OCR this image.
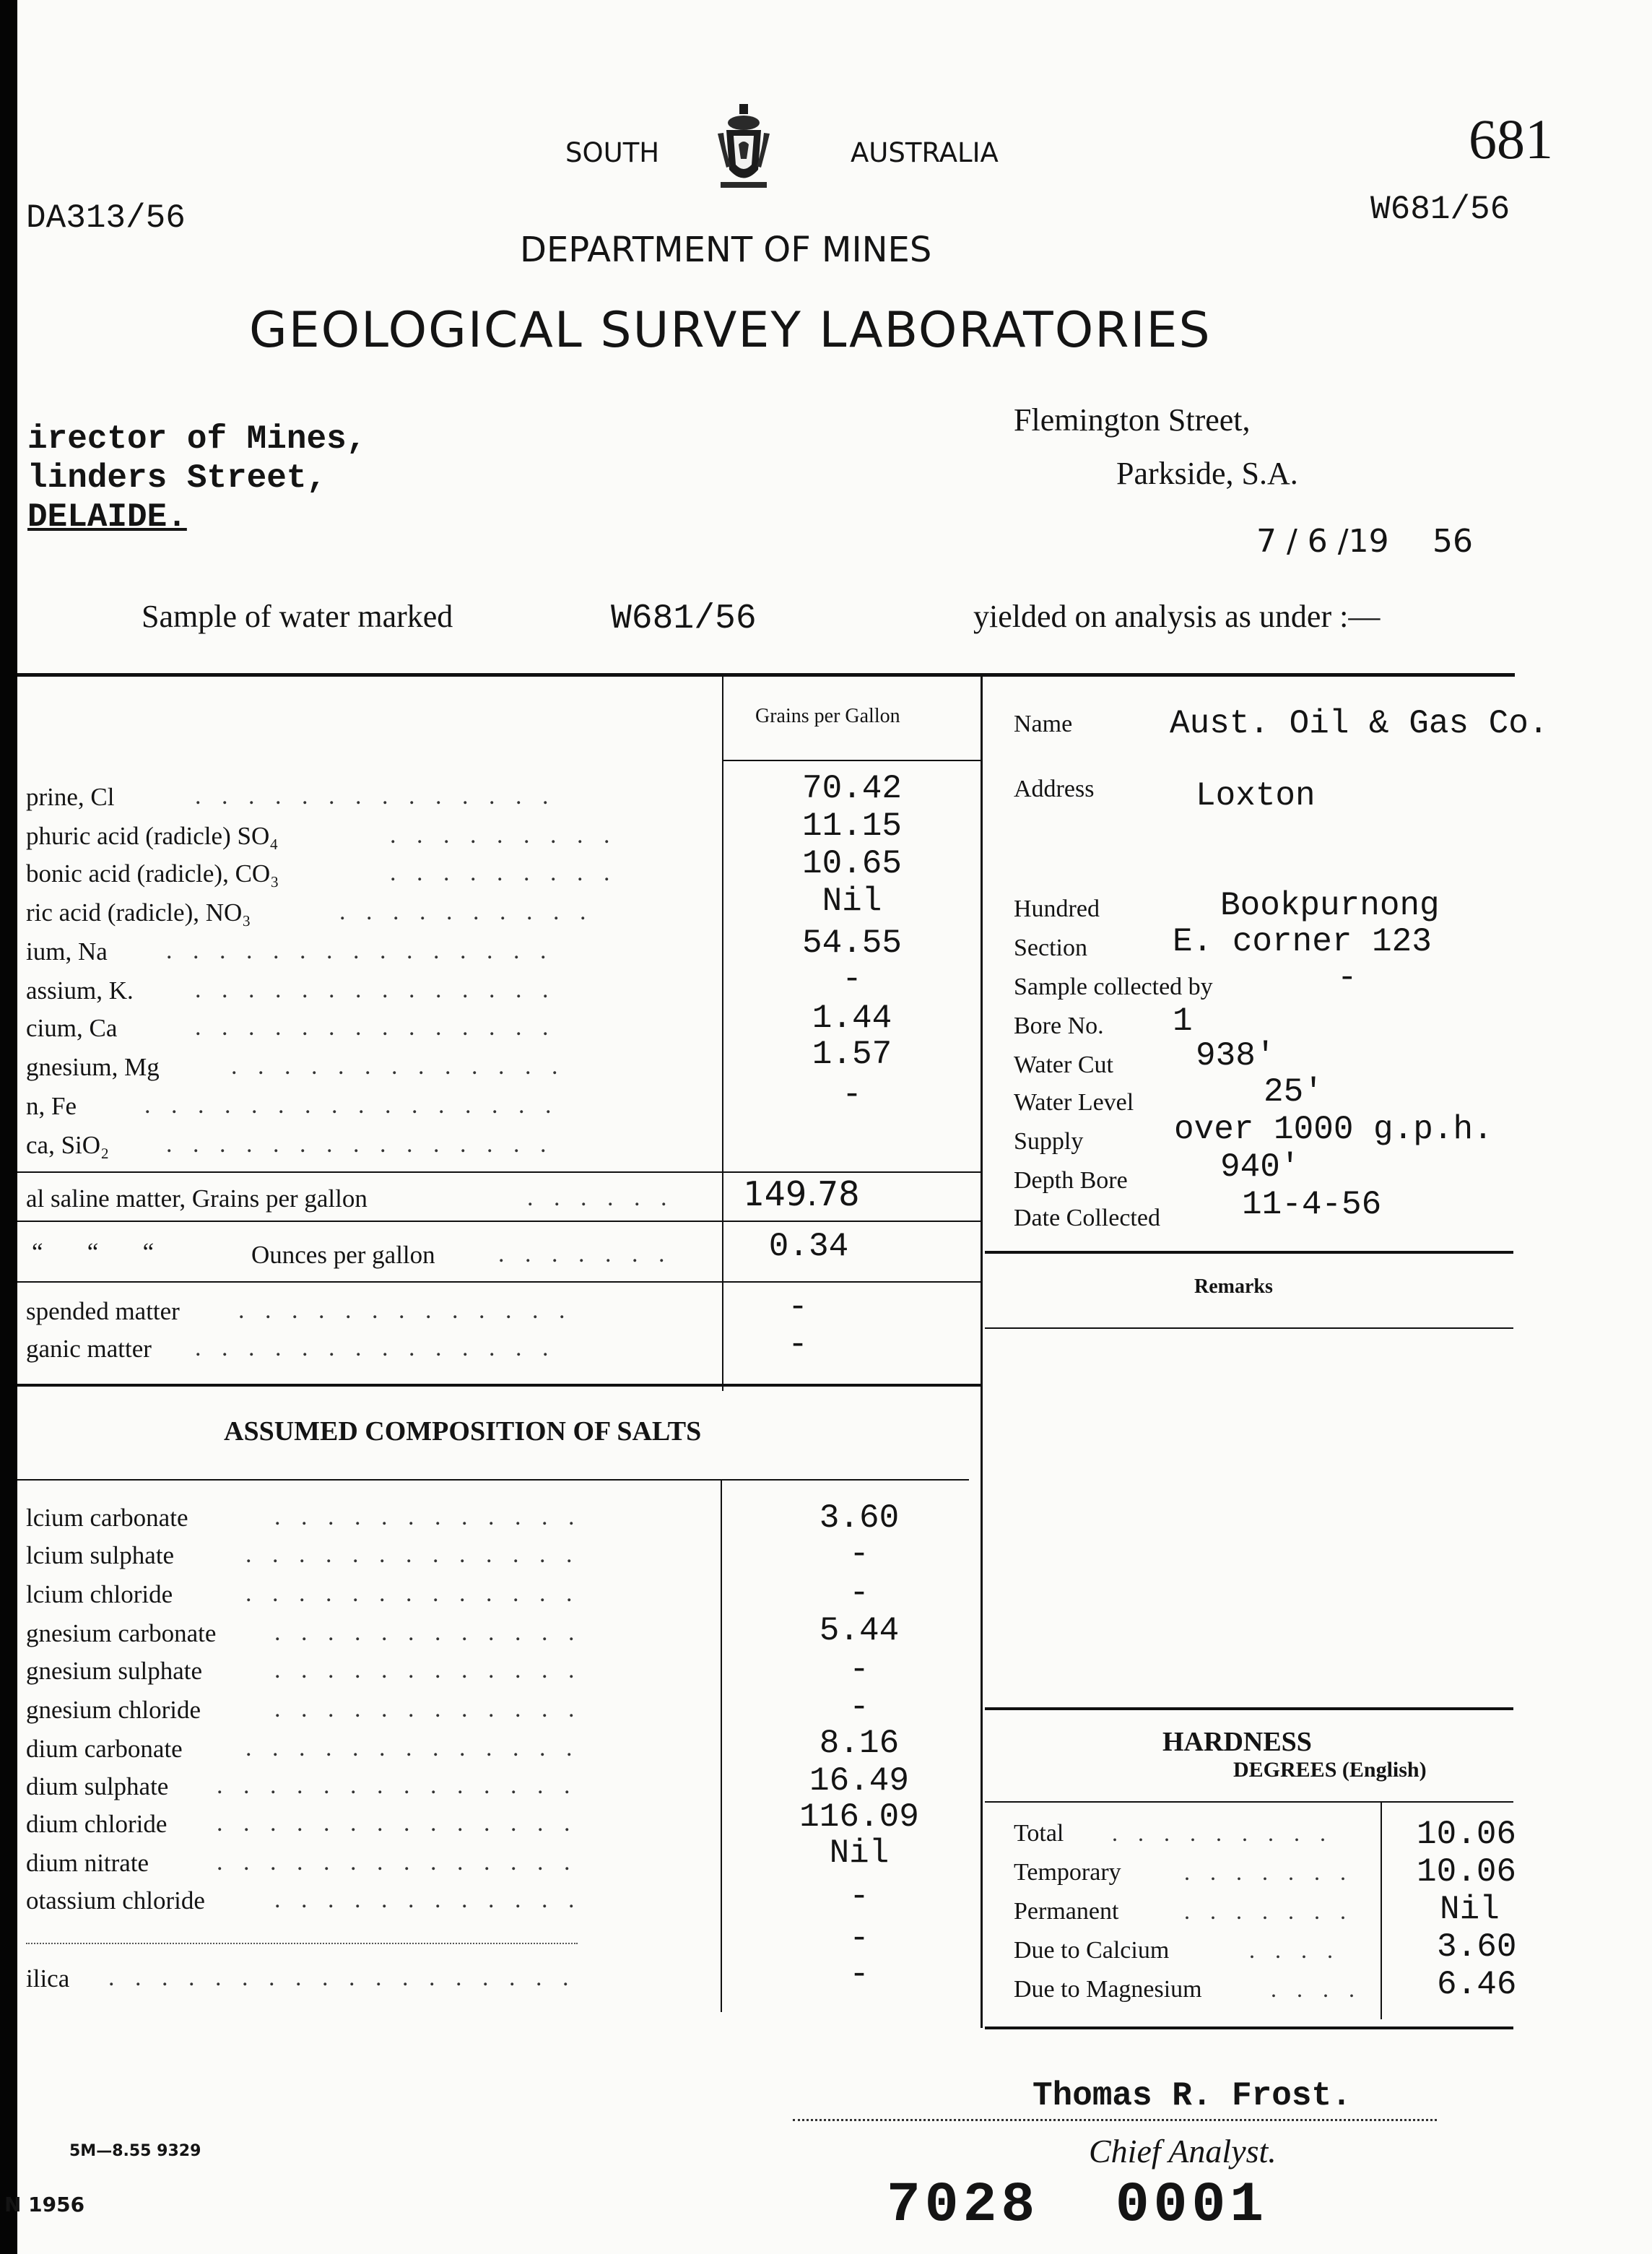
SOUTH	AUSTRALIA
DEPARTMENT OF MINES
GEOLOGICAL SURVEY LABORATORIES
DA313/56
681
W681/56
irector of Mines,
linders Street,
DELAIDE.
Flemington Street,
Parkside, S.A.
7 / 6 /19 56
Sample of water marked	W681/56	yielded on analysis as under :—
Grains per Gallon
prine, Cl	. . . . . . . . . . . . . .	70.42
phuric acid (radicle) SO₄	. . . . . . . . .	11.15
bonic acid (radicle), CO₃	. . . . . . . . .	10.65
ric acid (radicle), NO₃	. . . . . . . . . .	Nil
ium, Na . . . . . . . . . . . . . . .	54.55
assium, K.	. . . . . . . . . . . . . .	-
cium, Ca	. . . . . . . . . . . . . .	1.44
gnesium, Mg	. . . . . . . . . . . . .	1.57
n, Fe	. . . . . . . . . . . . . . . .	-
ca, SiO₂ . . . . . . . . . . . . . . .
al saline matter, Grains per gallon	. . . . . .	149.78
“       “       “	Ounces per gallon	. . . . . . .	0.34
spended matter . . . . . . . . . . . . .	-
ganic matter . . . . . . . . . . . . . .	-
ASSUMED COMPOSITION OF SALTS
lcium carbonate	. . . . . . . . . . . .	3.60
lcium sulphate	. . . . . . . . . . . . .	-
lcium chloride	. . . . . . . . . . . . .	-
gnesium carbonate . . . . . . . . . . . .	5.44
gnesium sulphate	. . . . . . . . . . . .	-
gnesium chloride	. . . . . . . . . . . .	-
dium carbonate	. . . . . . . . . . . . .	8.16
dium sulphate . . . . . . . . . . . . . .	16.49
dium chloride . . . . . . . . . . . . . .	116.09
dium nitrate	. . . . . . . . . . . . . .	Nil
otassium chloride	. . . . . . . . . . . .	-
-
ilica . . . . . . . . . . . . . . . . . .	-
Name	Aust. Oil & Gas Co.
Address	Loxton
Hundred	Bookpurnong
Section	E. corner 123
Sample collected by	-
Bore No. 1
Water Cut 938'
Water Level	25'
Supply	over 1000 g.p.h.
Depth Bore	940'
Date Collected 11-4-56
Remarks
HARDNESS
DEGREES (English)
Total . . . . . . . . .	10.06
Temporary	. . . . . . . 10.06
Permanent	. . . . . . .	Nil
Due to Calcium	. . . .	3.60
Due to Magnesium	. . . . 6.46
Thomas R. Frost.
Chief Analyst.
5M—8.55 9329
N 1956	7028  0001
